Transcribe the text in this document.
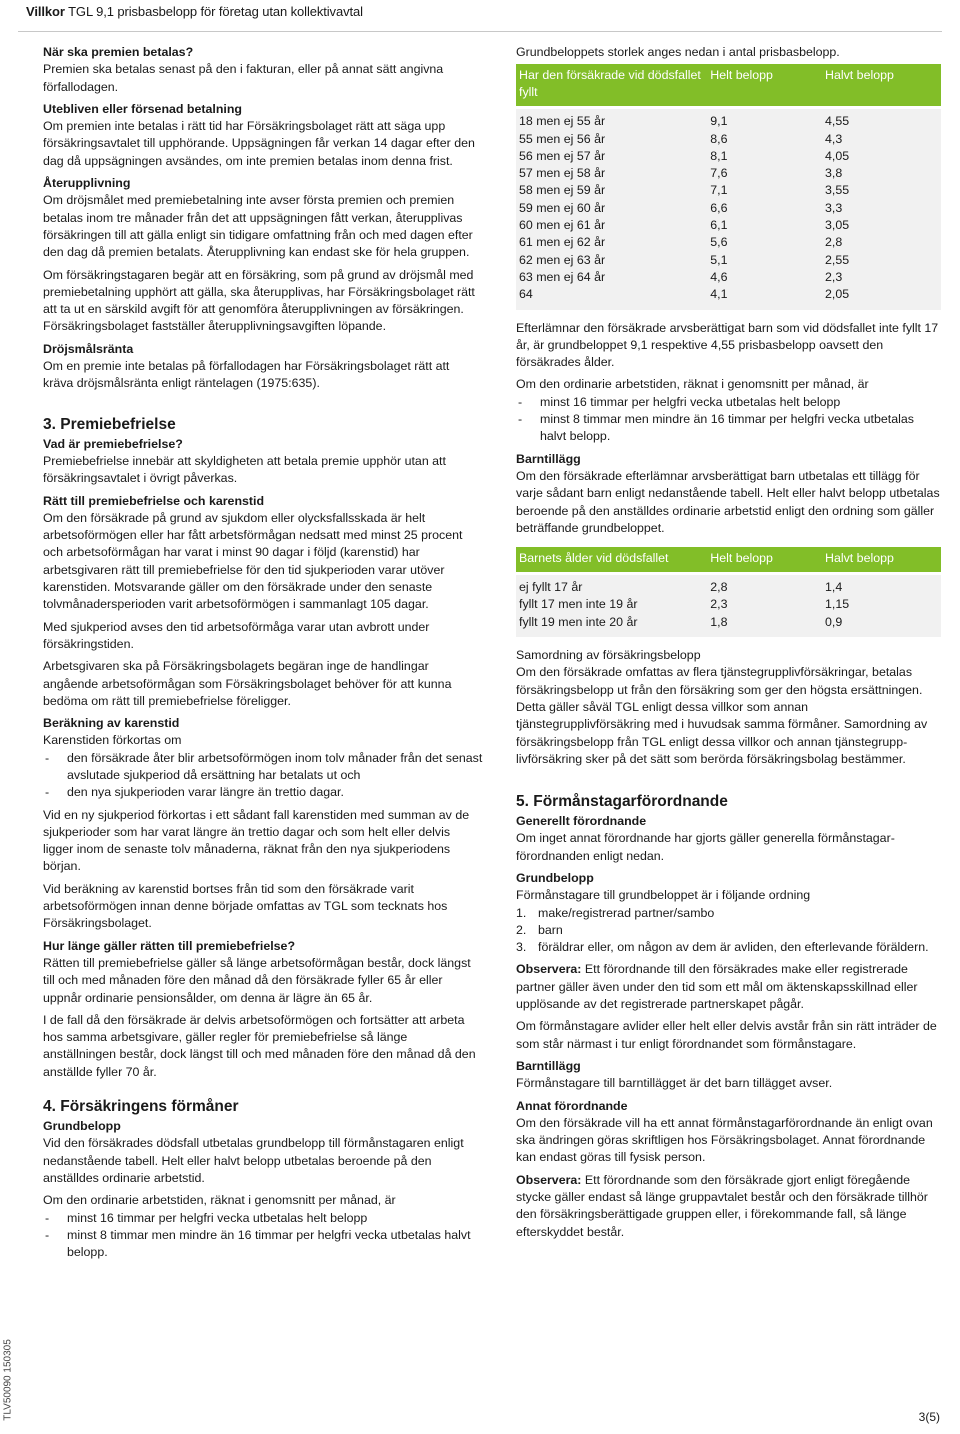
Villkor TGL 9,1 prisbasbelopp för företag utan kollektivavtal
TLV50090 150305

När ska premien betalas?

Premien ska betalas senast på den i fakturan, eller på annat sätt angivna förfallodagen.

Utebliven eller försenad betalning

Om premien inte betalas i rätt tid har Försäkringsbolaget rätt att säga upp försäkringsavtalet till upphörande. Uppsägningen får verkan 14 dagar efter den dag då uppsägningen avsändes, om inte premien betalas inom denna frist.

Återupplivning

Om dröjsmålet med premiebetalning inte avser första premien och premien betalas inom tre månader från det att uppsägningen fått verkan, återupplivas försäkringen till att gälla enligt sin tidigare omfattning från och med dagen efter den dag då premien betalats. Återupplivning kan endast ske för hela gruppen.

Om försäkringstagaren begär att en försäkring, som på grund av dröjsmål med premiebetalning upphört att gälla, ska återupplivas, har Försäkringsbolaget rätt att ta ut en särskild avgift för att genomföra återupplivningen av försäkringen. Försäkringsbolaget fastställer återupplivningsavgiften löpande.

Dröjsmålsränta

Om en premie inte betalas på förfallodagen har Försäkringsbolaget rätt att kräva dröjsmålsränta enligt räntelagen (1975:635).

3. Premiebefrielse

Vad är premiebefrielse?

Premiebefrielse innebär att skyldigheten att betala premie upphör utan att försäkringsavtalet i övrigt påverkas.

Rätt till premiebefrielse och karenstid

Om den försäkrade på grund av sjukdom eller olycksfallsskada är helt arbetsoförmögen eller har fått arbetsförmågan nedsatt med minst 25 procent och arbetsoförmågan har varat i minst 90 dagar i följd (karenstid) har arbetsgivaren rätt till premiebefrielse för den tid sjukperioden varar utöver karenstiden. Motsvarande gäller om den försäkrade under den senaste tolvmånadersperioden varit arbetsoförmögen i sammanlagt 105 dagar.

Med sjukperiod avses den tid arbetsoförmåga varar utan avbrott under försäkringstiden.

Arbetsgivaren ska på Försäkringsbolagets begäran inge de handlingar angående arbetsoförmågan som Försäkringsbolaget behöver för att kunna bedöma om rätt till premiebefrielse föreligger.

Beräkning av karenstid

Karenstiden förkortas om

- den försäkrade åter blir arbetsoförmögen inom tolv månader från det senast avslutade sjukperiod då ersättning har betalats ut och
- den nya sjukperioden varar längre än trettio dagar.

Vid en ny sjukperiod förkortas i ett sådant fall karenstiden med summan av de sjukperioder som har varat längre än trettio dagar och som helt eller delvis ligger inom de senaste tolv månaderna, räknat från den nya sjukperiodens början.

Vid beräkning av karenstid bortses från tid som den försäkrade varit arbetsoförmögen innan denne började omfattas av TGL som tecknats hos Försäkringsbolaget.

Hur länge gäller rätten till premiebefrielse?

Rätten till premiebefrielse gäller så länge arbetsoförmågan består, dock längst till och med månaden före den månad då den försäkrade fyller 65 år eller uppnår ordinarie pensionsålder, om denna är lägre än 65 år.

I de fall då den försäkrade är delvis arbetsoförmögen och fortsätter att arbeta hos samma arbetsgivare, gäller regler för premiebefrielse så länge anställningen består, dock längst till och med månaden före den månad då den anställde fyller 70 år.

4. Försäkringens förmåner

Grundbelopp

Vid den försäkrades dödsfall utbetalas grundbelopp till förmånstagaren enligt nedanstående tabell. Helt eller halvt belopp utbetalas beroende på den anställdes ordinarie arbetstid.

Om den ordinarie arbetstiden, räknat i genomsnitt per månad, är

- minst 16 timmar per helgfri vecka utbetalas helt belopp
- minst 8 timmar men mindre än 16 timmar per helgfri vecka utbetalas halvt belopp.

Grundbeloppets storlek anges nedan i antal prisbasbelopp.

Har den försäkrade vid dödsfallet fyllt	Helt belopp	Halvt belopp

18 men ej 55 år	9,1	4,55
55 men ej 56 år	8,6	4,3
56 men ej 57 år	8,1	4,05
57 men ej 58 år	7,6	3,8
58 men ej 59 år	7,1	3,55
59 men ej 60 år	6,6	3,3
60 men ej 61 år	6,1	3,05
61 men ej 62 år	5,6	2,8
62 men ej 63 år	5,1	2,55
63 men ej 64 år	4,6	2,3
64	4,1	2,05

Efterlämnar den försäkrade arvsberättigat barn som vid dödsfallet inte fyllt 17 år, är grundbeloppet 9,1 respektive 4,55 prisbasbelopp oavsett den försäkrades ålder.

Om den ordinarie arbetstiden, räknat i genomsnitt per månad, är

- minst 16 timmar per helgfri vecka utbetalas helt belopp
- minst 8 timmar men mindre än 16 timmar per helgfri vecka utbetalas halvt belopp.

Barntillägg

Om den försäkrade efterlämnar arvsberättigat barn utbetalas ett tillägg för varje sådant barn enligt nedanstående tabell. Helt eller halvt belopp utbetalas beroende på den anställdes ordinarie arbetstid enligt den ordning som gäller beträffande grundbeloppet.

Barnets ålder vid dödsfallet	Helt belopp	Halvt belopp

ej fyllt 17 år	2,8	1,4
fyllt 17 men inte 19 år	2,3	1,15
fyllt 19 men inte 20 år	1,8	0,9

Samordning av försäkringsbelopp

Om den försäkrade omfattas av flera tjänstegrupplivförsäkringar, betalas försäkringsbelopp ut från den försäkring som ger den högsta ersättningen. Detta gäller såväl TGL enligt dessa villkor som annan tjänstegrupplivförsäkring med i huvudsak samma förmåner. Samordning av försäkringsbelopp från TGL enligt dessa villkor och annan tjänstegrupp-livförsäkring sker på det sätt som berörda försäkringsbolag bestämmer.

5. Förmånstagarförordnande

Generellt förordnande

Om inget annat förordnande har gjorts gäller generella förmånstagar-förordnanden enligt nedan.

Grundbelopp

Förmånstagare till grundbeloppet är i följande ordning

1. make/registrerad partner/sambo
2. barn
3. föräldrar eller, om någon av dem är avliden, den efterlevande föräldern.

Observera: Ett förordnande till den försäkrades make eller registrerade partner gäller även under den tid som ett mål om äktenskapsskillnad eller upplösande av det registrerade partnerskapet pågår.

Om förmånstagare avlider eller helt eller delvis avstår från sin rätt inträder de som står närmast i tur enligt förordnandet som förmånstagare.

Barntillägg

Förmånstagare till barntillägget är det barn tillägget avser.

Annat förordnande

Om den försäkrade vill ha ett annat förmånstagarförordnande än enligt ovan ska ändringen göras skriftligen hos Försäkringsbolaget. Annat förordnande kan endast göras till fysisk person.

Observera: Ett förordnande som den försäkrade gjort enligt föregående stycke gäller endast så länge gruppavtalet består och den försäkrade tillhör den försäkringsberättigade gruppen eller, i förekommande fall, så länge efterskyddet består.

3(5)
